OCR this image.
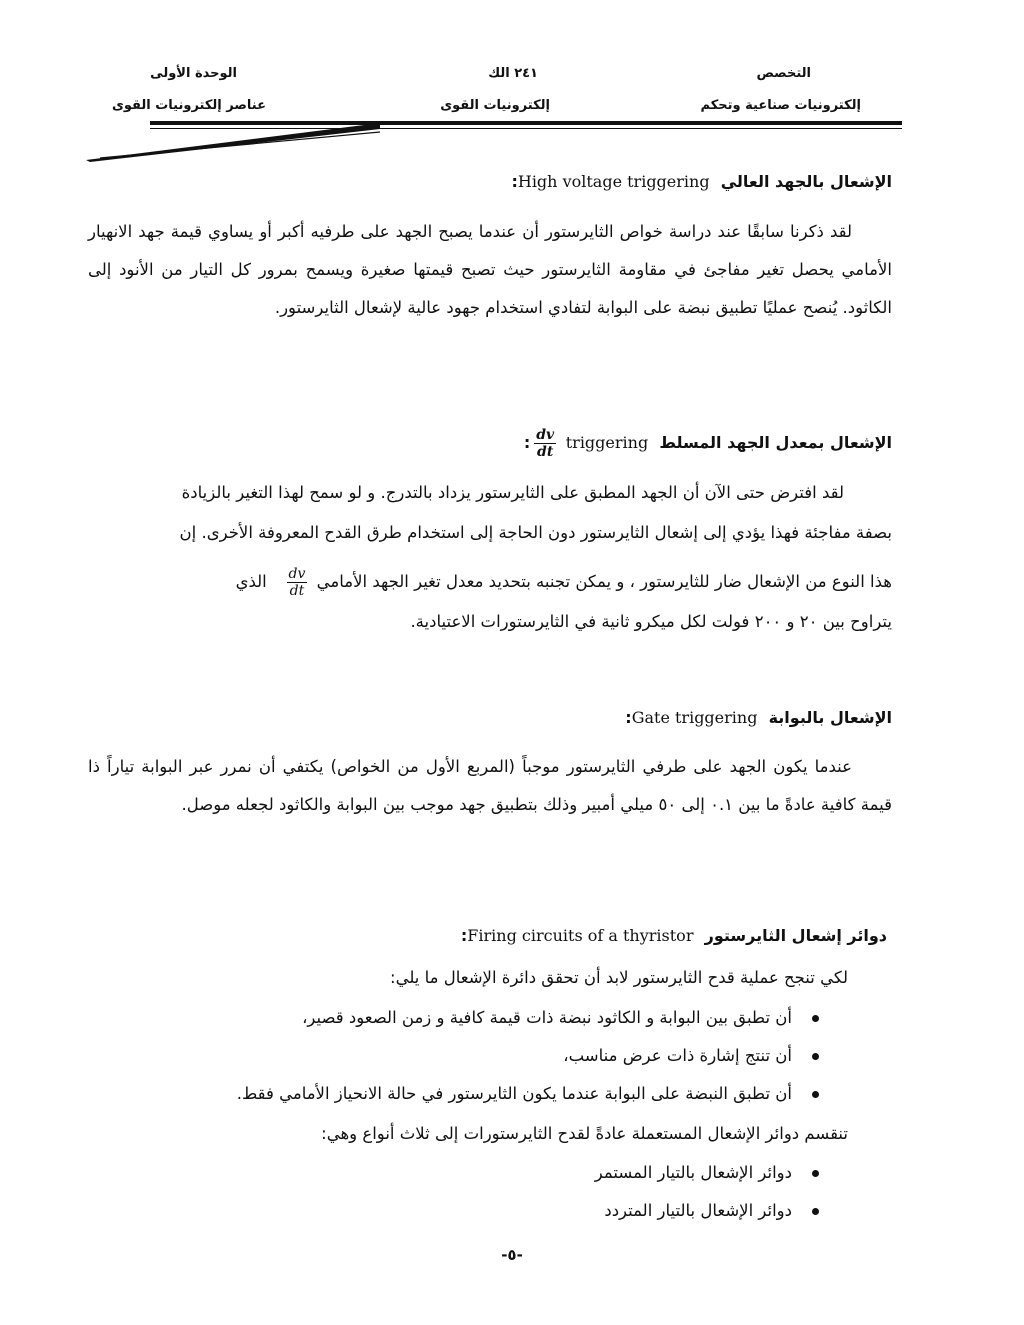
التخصص
إلكترونيات صناعية وتحكم
٢٤١ الك
إلكترونيات القوى
الوحدة الأولى
عناصر إلكترونيات القوى
الإشعال بالجهد العالي  High voltage triggering:
لقد ذكرنا سابقًا عند دراسة خواص الثايرستور أن عندما يصبح الجهد على طرفيه أكبر أو يساوي قيمة جهد الانهيار الأمامي يحصل تغير مفاجئ في مقاومة الثايرستور حيث تصبح قيمتها صغيرة ويسمح بمرور كل التيار من الأنود إلى الكاثود. يُنصح عمليًا تطبيق نبضة على البوابة لتفادي استخدام جهود عالية لإشعال الثايرستور.
الإشعال بمعدل الجهد المسلط  triggering
$\frac{dv}{dt}$
:
لقد افترض حتى الآن أن الجهد المطبق على الثايرستور يزداد بالتدرج. و لو سمح لهذا التغير بالزيادة
بصفة مفاجئة فهذا يؤدي إلى إشعال الثايرستور دون الحاجة إلى استخدام طرق القدح المعروفة الأخرى. إن
هذا النوع من الإشعال ضار للثايرستور ، و يمكن تجنبه بتحديد معدل تغير الجهد الأمامي
$\frac{dv}{dt}$
الذي
يتراوح بين ٢٠ و ٢٠٠ فولت لكل ميكرو ثانية في الثايرستورات الاعتيادية.
الإشعال بالبوابة  Gate triggering:
عندما يكون الجهد على طرفي الثايرستور موجباً (المربع الأول من الخواص) يكتفي أن نمرر عبر البوابة تياراً ذا قيمة كافية عادةً ما بين ٠.١ إلى ٥٠ ميلي أمبير وذلك بتطبيق جهد موجب بين البوابة والكاثود لجعله موصل.
دوائر إشعال الثايرستور  Firing circuits of a thyristor:
لكي تنجح عملية قدح الثايرستور لابد أن تحقق دائرة الإشعال ما يلي:
أن تطبق بين البوابة و الكاثود نبضة ذات قيمة كافية و زمن الصعود قصير،
أن تنتج إشارة ذات عرض مناسب،
أن تطبق النبضة على البوابة عندما يكون الثايرستور في حالة الانحياز الأمامي فقط.
تنقسم دوائر الإشعال المستعملة عادةً لقدح الثايرستورات إلى ثلاث أنواع وهي:
دوائر الإشعال بالتيار المستمر
دوائر الإشعال بالتيار المتردد
-٥-
